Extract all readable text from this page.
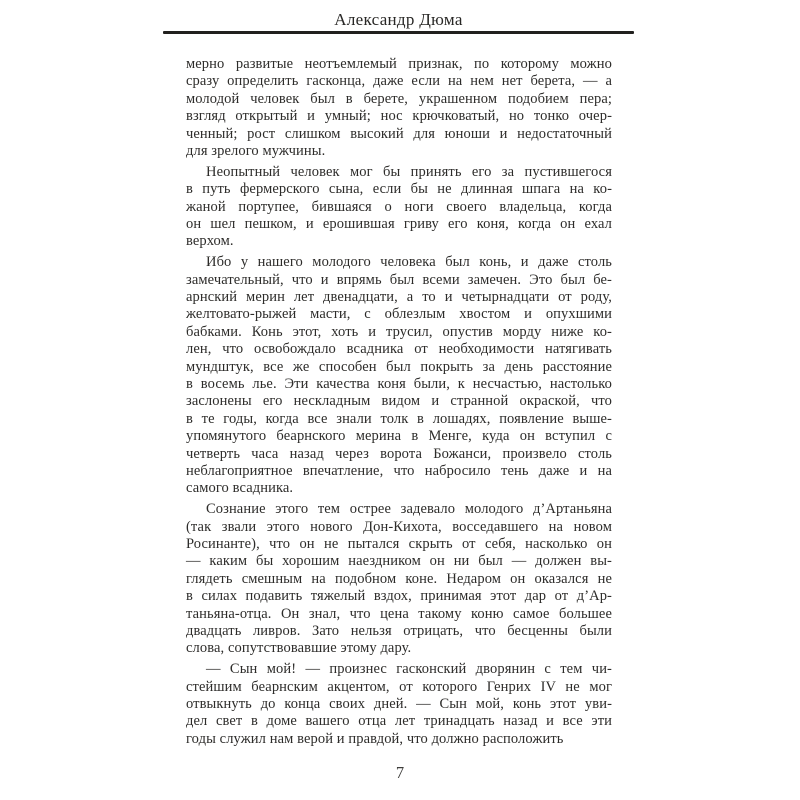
Александр Дюма
мерно развитые неотъемлемый признак, по которому можно
сразу определить гасконца, даже если на нем нет берета, — а
молодой человек был в берете, украшенном подобием пера;
взгляд открытый и умный; нос крючковатый, но тонко очер-
ченный; рост слишком высокий для юноши и недостаточный
для зрелого мужчины.
Неопытный человек мог бы принять его за пустившегося
в путь фермерского сына, если бы не длинная шпага на ко-
жаной портупее, бившаяся о ноги своего владельца, когда
он шел пешком, и ерошившая гриву его коня, когда он ехал
верхом.
Ибо у нашего молодого человека был конь, и даже столь
замечательный, что и впрямь был всеми замечен. Это был бе-
арнский мерин лет двенадцати, а то и четырнадцати от роду,
желтовато-рыжей масти, с облезлым хвостом и опухшими
бабками. Конь этот, хоть и трусил, опустив морду ниже ко-
лен, что освобождало всадника от необходимости натягивать
мундштук, все же способен был покрыть за день расстояние
в восемь лье. Эти качества коня были, к несчастью, настолько
заслонены его нескладным видом и странной окраской, что
в те годы, когда все знали толк в лошадях, появление выше-
упомянутого беарнского мерина в Менге, куда он вступил с
четверть часа назад через ворота Божанси, произвело столь
неблагоприятное впечатление, что набросило тень даже и на
самого всадника.
Сознание этого тем острее задевало молодого д’Артаньяна
(так звали этого нового Дон-Кихота, восседавшего на новом
Росинанте), что он не пытался скрыть от себя, насколько он
— каким бы хорошим наездником он ни был — должен вы-
глядеть смешным на подобном коне. Недаром он оказался не
в силах подавить тяжелый вздох, принимая этот дар от д’Ар-
таньяна-отца. Он знал, что цена такому коню самое большее
двадцать ливров. Зато нельзя отрицать, что бесценны были
слова, сопутствовавшие этому дару.
— Сын мой! — произнес гасконский дворянин с тем чи-
стейшим беарнским акцентом, от которого Генрих IV не мог
отвыкнуть до конца своих дней. — Сын мой, конь этот уви-
дел свет в доме вашего отца лет тринадцать назад и все эти
годы служил нам верой и правдой, что должно расположить
7
